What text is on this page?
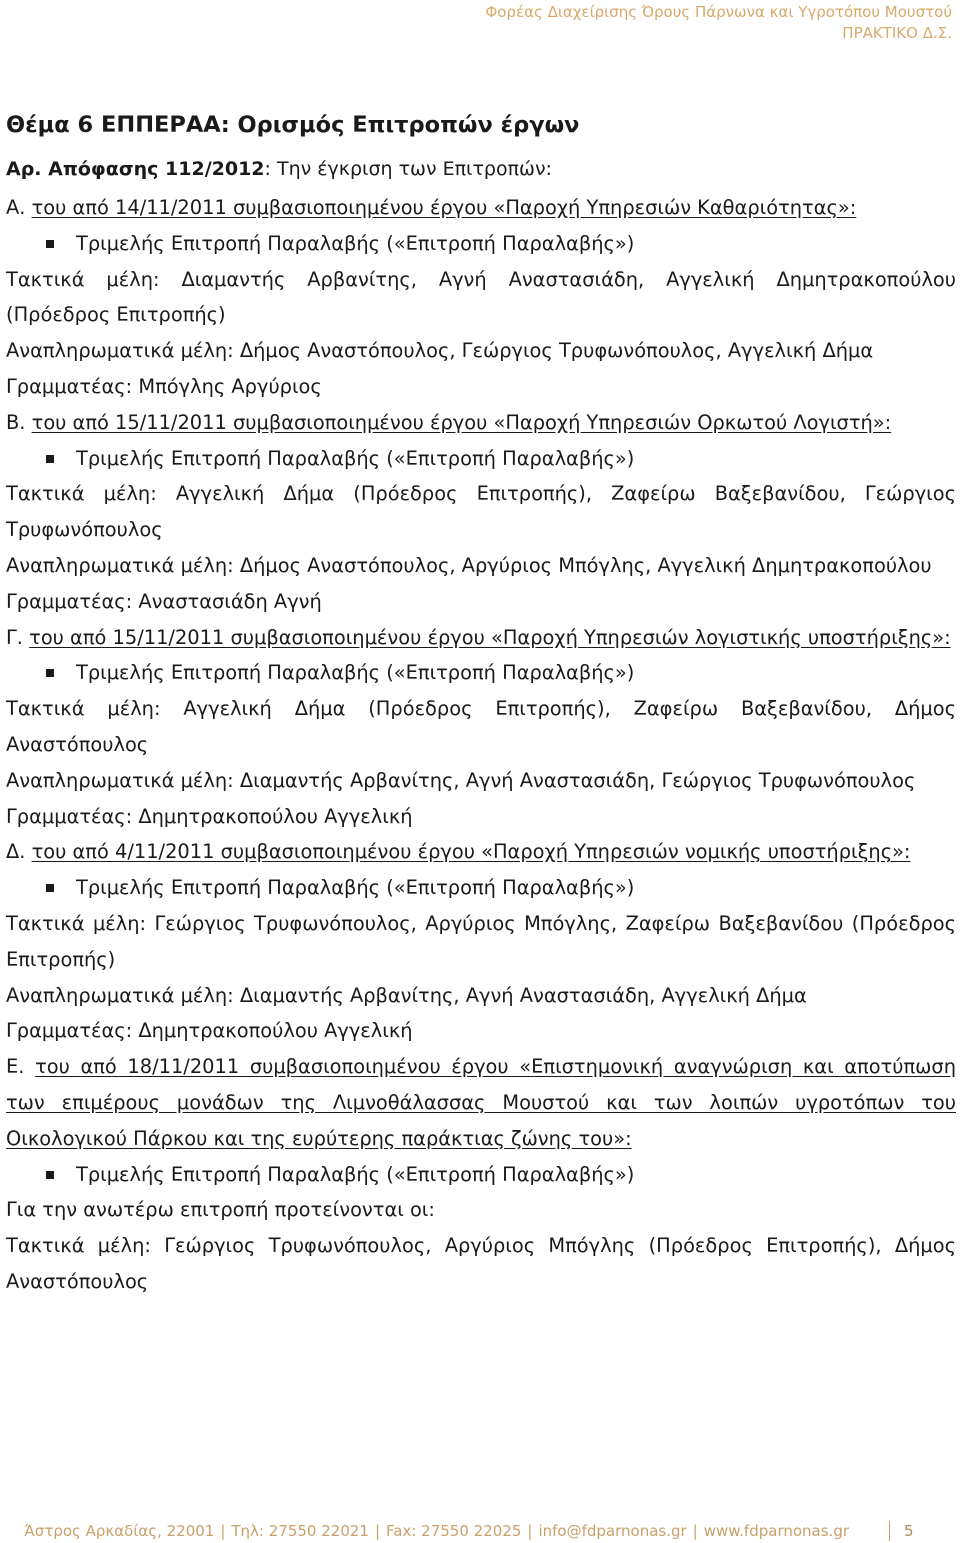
Φορέας Διαχείρισης Όρους Πάρνωνα και Υγροτόπου Μουστού
ΠΡΑΚΤΙΚΟ Δ.Σ.
Θέμα 6 ΕΠΠΕΡΑΑ: Ορισμός Επιτροπών έργων
Αρ. Απόφασης 112/2012: Την έγκριση των Επιτροπών:

Α. του από 14/11/2011 συμβασιοποιημένου έργου «Παροχή Υπηρεσιών Καθαριότητας»:

Τριμελής Επιτροπή Παραλαβής («Επιτροπή Παραλαβής»)

Τακτικά μέλη: Διαμαντής Αρβανίτης, Αγνή Αναστασιάδη, Αγγελική Δημητρακοπούλου (Πρόεδρος Επιτροπής)

Αναπληρωματικά μέλη: Δήμος Αναστόπουλος, Γεώργιος Τρυφωνόπουλος, Αγγελική Δήμα

Γραμματέας: Μπόγλης Αργύριος

Β. του από 15/11/2011 συμβασιοποιημένου έργου «Παροχή Υπηρεσιών Ορκωτού Λογιστή»:

Τριμελής Επιτροπή Παραλαβής («Επιτροπή Παραλαβής»)

Τακτικά μέλη: Αγγελική Δήμα (Πρόεδρος Επιτροπής), Ζαφείρω Βαξεβανίδου, Γεώργιος Τρυφωνόπουλος

Αναπληρωματικά μέλη: Δήμος Αναστόπουλος, Αργύριος Μπόγλης, Αγγελική Δημητρακοπούλου

Γραμματέας: Αναστασιάδη Αγνή

Γ. του από 15/11/2011 συμβασιοποιημένου έργου «Παροχή Υπηρεσιών λογιστικής υποστήριξης»:

Τριμελής Επιτροπή Παραλαβής («Επιτροπή Παραλαβής»)

Τακτικά μέλη: Αγγελική Δήμα (Πρόεδρος Επιτροπής), Ζαφείρω Βαξεβανίδου, Δήμος Αναστόπουλος

Αναπληρωματικά μέλη: Διαμαντής Αρβανίτης, Αγνή Αναστασιάδη, Γεώργιος Τρυφωνόπουλος

Γραμματέας: Δημητρακοπούλου Αγγελική

Δ. του από 4/11/2011 συμβασιοποιημένου έργου «Παροχή Υπηρεσιών νομικής υποστήριξης»:

Τριμελής Επιτροπή Παραλαβής («Επιτροπή Παραλαβής»)

Τακτικά μέλη: Γεώργιος Τρυφωνόπουλος, Αργύριος Μπόγλης, Ζαφείρω Βαξεβανίδου (Πρόεδρος Επιτροπής)

Αναπληρωματικά μέλη: Διαμαντής Αρβανίτης, Αγνή Αναστασιάδη, Αγγελική Δήμα

Γραμματέας: Δημητρακοπούλου Αγγελική

Ε. του από 18/11/2011 συμβασιοποιημένου έργου «Επιστημονική αναγνώριση και αποτύπωση των επιμέρους μονάδων της Λιμνοθάλασσας Μουστού και των λοιπών υγροτόπων του Οικολογικού Πάρκου και της ευρύτερης παράκτιας ζώνης του»:

Τριμελής Επιτροπή Παραλαβής («Επιτροπή Παραλαβής»)

Για την ανωτέρω επιτροπή προτείνονται οι:

Τακτικά μέλη: Γεώργιος Τρυφωνόπουλος, Αργύριος Μπόγλης (Πρόεδρος Επιτροπής), Δήμος Αναστόπουλος

Άστρος Αρκαδίας, 22001 | Τηλ: 27550 22021 | Fax: 27550 22025 | info@fdparnonas.gr | www.fdparnonas.gr	5
